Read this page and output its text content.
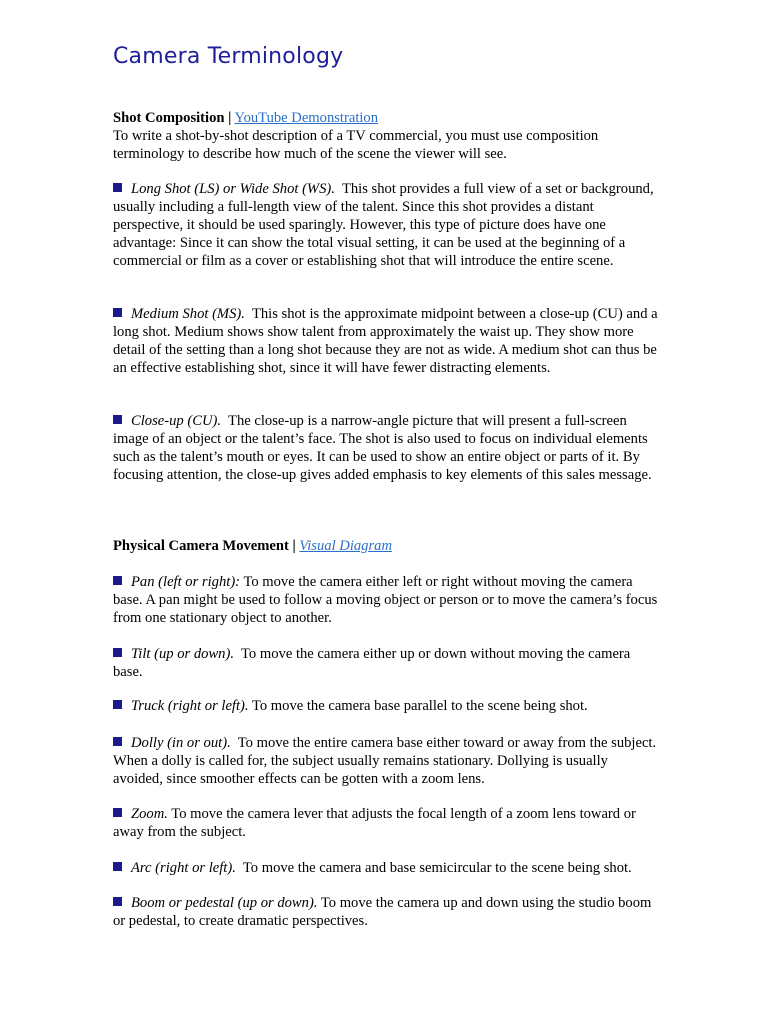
Camera Terminology
Shot Composition | YouTube Demonstration
To write a shot-by-shot description of a TV commercial, you must use composition terminology to describe how much of the scene the viewer will see.
Long Shot (LS) or Wide Shot (WS). This shot provides a full view of a set or background, usually including a full-length view of the talent. Since this shot provides a distant perspective, it should be used sparingly. However, this type of picture does have one advantage: Since it can show the total visual setting, it can be used at the beginning of a commercial or film as a cover or establishing shot that will introduce the entire scene.
Medium Shot (MS). This shot is the approximate midpoint between a close-up (CU) and a long shot. Medium shows show talent from approximately the waist up. They show more detail of the setting than a long shot because they are not as wide. A medium shot can thus be an effective establishing shot, since it will have fewer distracting elements.
Close-up (CU). The close-up is a narrow-angle picture that will present a full-screen image of an object or the talent’s face. The shot is also used to focus on individual elements such as the talent’s mouth or eyes. It can be used to show an entire object or parts of it. By focusing attention, the close-up gives added emphasis to key elements of this sales message.
Physical Camera Movement | Visual Diagram
Pan (left or right): To move the camera either left or right without moving the camera base. A pan might be used to follow a moving object or person or to move the camera’s focus from one stationary object to another.
Tilt (up or down). To move the camera either up or down without moving the camera base.
Truck (right or left). To move the camera base parallel to the scene being shot.
Dolly (in or out). To move the entire camera base either toward or away from the subject. When a dolly is called for, the subject usually remains stationary. Dollying is usually avoided, since smoother effects can be gotten with a zoom lens.
Zoom. To move the camera lever that adjusts the focal length of a zoom lens toward or away from the subject.
Arc (right or left). To move the camera and base semicircular to the scene being shot.
Boom or pedestal (up or down). To move the camera up and down using the studio boom or pedestal, to create dramatic perspectives.
